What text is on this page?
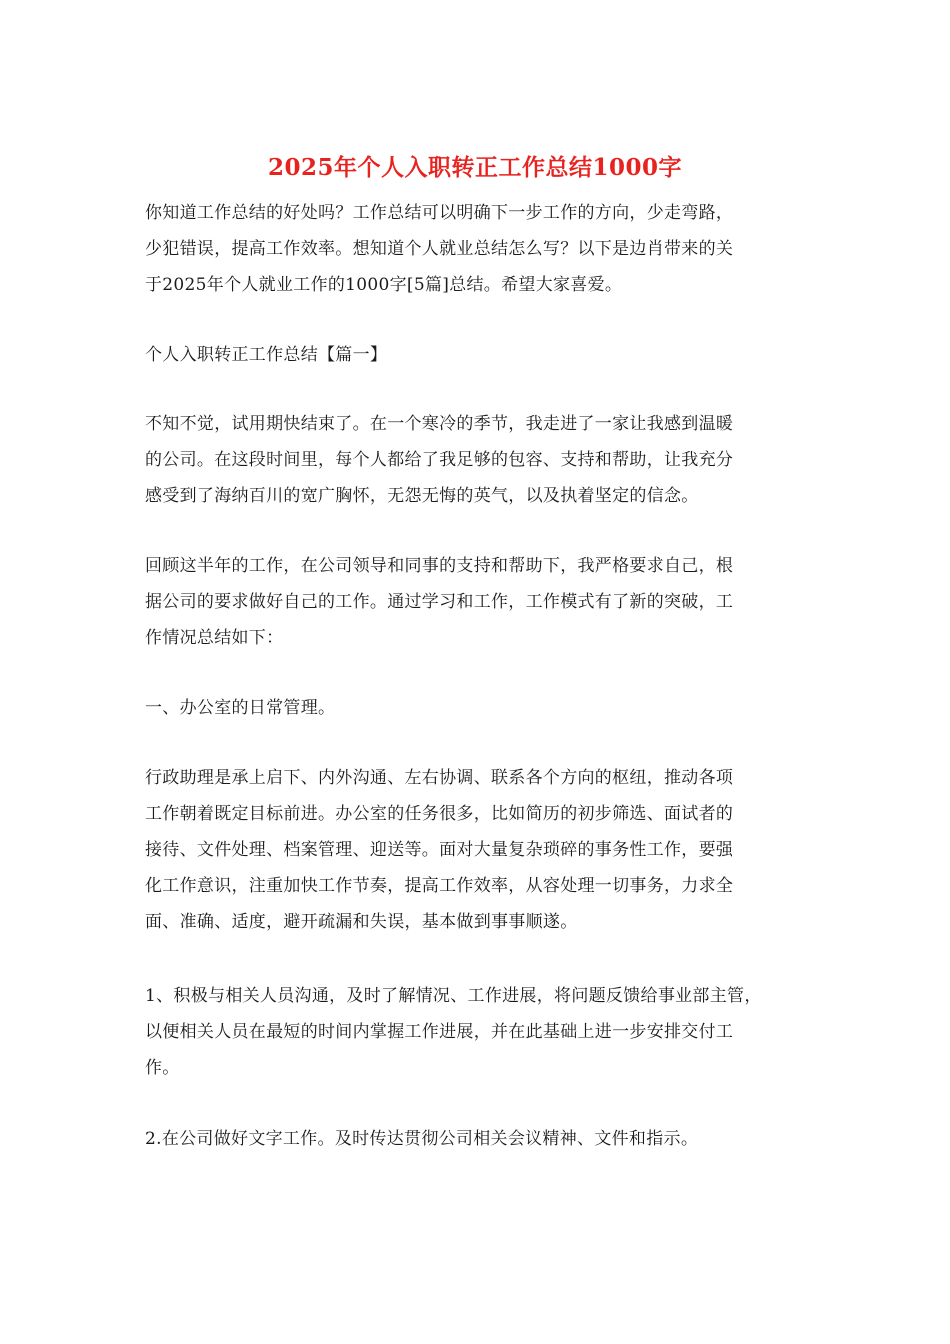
2025年个人入职转正工作总结1000字
你知道工作总结的好处吗？工作总结可以明确下一步工作的方向，少走弯路，
少犯错误，提高工作效率。想知道个人就业总结怎么写？以下是边肖带来的关
于2025年个人就业工作的1000字[5篇]总结。希望大家喜爱。
个人入职转正工作总结【篇一】
不知不觉，试用期快结束了。在一个寒冷的季节，我走进了一家让我感到温暖
的公司。在这段时间里，每个人都给了我足够的包容、支持和帮助，让我充分
感受到了海纳百川的宽广胸怀，无怨无悔的英气，以及执着坚定的信念。
回顾这半年的工作，在公司领导和同事的支持和帮助下，我严格要求自己，根
据公司的要求做好自己的工作。通过学习和工作，工作模式有了新的突破，工
作情况总结如下：
一、办公室的日常管理。
行政助理是承上启下、内外沟通、左右协调、联系各个方向的枢纽，推动各项
工作朝着既定目标前进。办公室的任务很多，比如简历的初步筛选、面试者的
接待、文件处理、档案管理、迎送等。面对大量复杂琐碎的事务性工作，要强
化工作意识，注重加快工作节奏，提高工作效率，从容处理一切事务，力求全
面、准确、适度，避开疏漏和失误，基本做到事事顺遂。
1、积极与相关人员沟通，及时了解情况、工作进展，将问题反馈给事业部主管，
以便相关人员在最短的时间内掌握工作进展，并在此基础上进一步安排交付工
作。
2.在公司做好文字工作。及时传达贯彻公司相关会议精神、文件和指示。
